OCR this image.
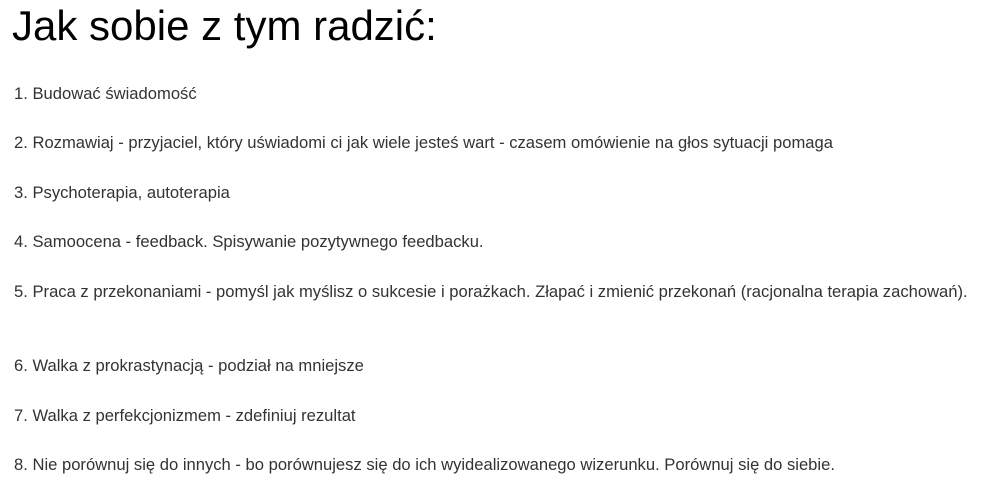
Jak sobie z tym radzić:
1. Budować świadomość
2. Rozmawiaj - przyjaciel, który uświadomi ci jak wiele jesteś wart - czasem omówienie na głos sytuacji pomaga
3. Psychoterapia, autoterapia
4. Samoocena - feedback. Spisywanie pozytywnego feedbacku.
5. Praca z przekonaniami - pomyśl jak myślisz o sukcesie i porażkach. Złapać i zmienić przekonań (racjonalna terapia zachowań).
6. Walka z prokrastynacją - podział na mniejsze
7. Walka z perfekcjonizmem - zdefiniuj rezultat
8. Nie porównuj się do innych - bo porównujesz się do ich wyidealizowanego wizerunku. Porównuj się do siebie.
